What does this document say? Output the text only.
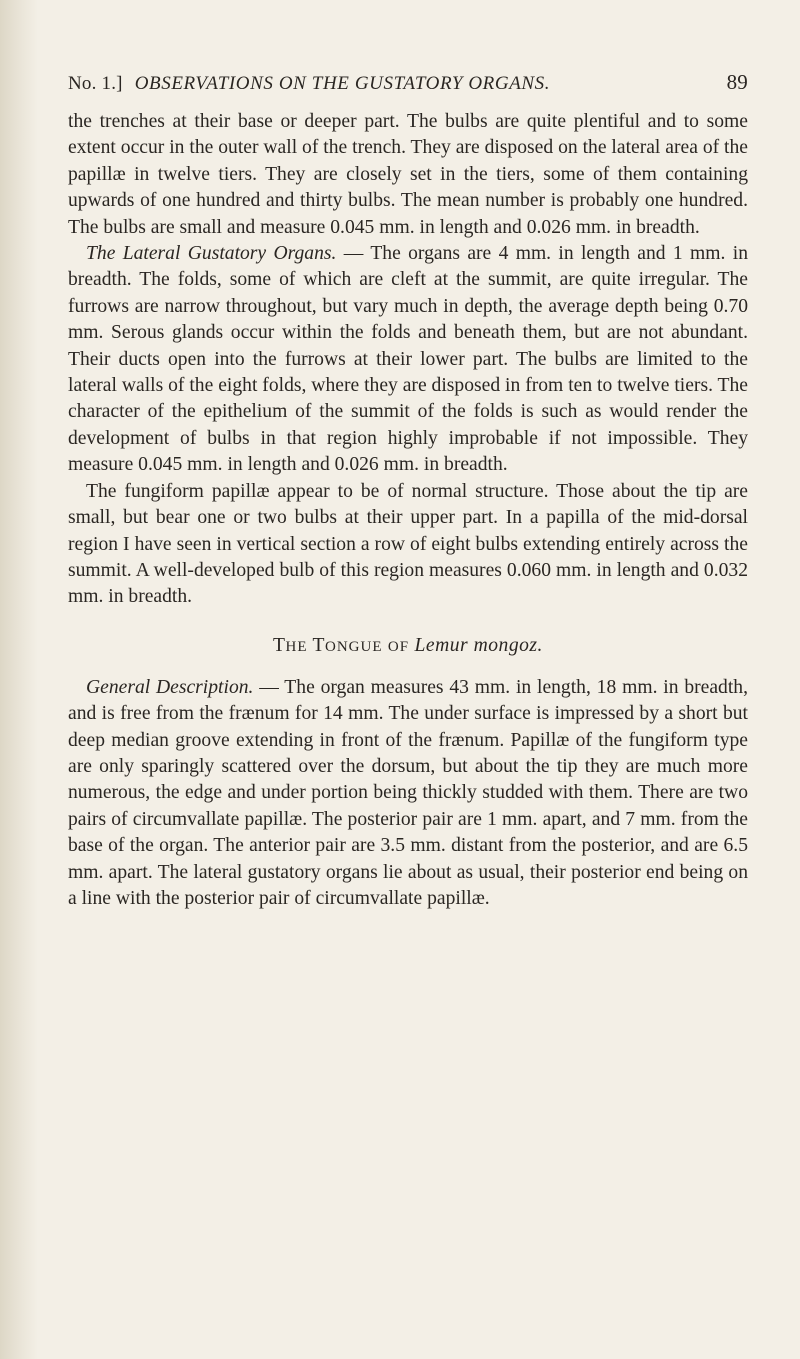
No. 1.] OBSERVATIONS ON THE GUSTATORY ORGANS.	89

the trenches at their base or deeper part. The bulbs are quite plentiful and to some extent occur in the outer wall of the trench. They are disposed on the lateral area of the papillæ in twelve tiers. They are closely set in the tiers, some of them containing upwards of one hundred and thirty bulbs. The mean number is probably one hundred. The bulbs are small and measure 0.045 mm. in length and 0.026 mm. in breadth.

The Lateral Gustatory Organs. — The organs are 4 mm. in length and 1 mm. in breadth. The folds, some of which are cleft at the summit, are quite irregular. The furrows are narrow throughout, but vary much in depth, the average depth being 0.70 mm. Serous glands occur within the folds and beneath them, but are not abundant. Their ducts open into the furrows at their lower part. The bulbs are limited to the lateral walls of the eight folds, where they are disposed in from ten to twelve tiers. The character of the epithelium of the summit of the folds is such as would render the development of bulbs in that region highly improbable if not impossible. They measure 0.045 mm. in length and 0.026 mm. in breadth.

The fungiform papillæ appear to be of normal structure. Those about the tip are small, but bear one or two bulbs at their upper part. In a papilla of the mid-dorsal region I have seen in vertical section a row of eight bulbs extending entirely across the summit. A well-developed bulb of this region measures 0.060 mm. in length and 0.032 mm. in breadth.

THE TONGUE OF Lemur mongoz.

General Description. — The organ measures 43 mm. in length, 18 mm. in breadth, and is free from the frænum for 14 mm. The under surface is impressed by a short but deep median groove extending in front of the frænum. Papillæ of the fungiform type are only sparingly scattered over the dorsum, but about the tip they are much more numerous, the edge and under portion being thickly studded with them. There are two pairs of circumvallate papillæ. The posterior pair are 1 mm. apart, and 7 mm. from the base of the organ. The anterior pair are 3.5 mm. distant from the posterior, and are 6.5 mm. apart. The lateral gustatory organs lie about as usual, their posterior end being on a line with the posterior pair of circumvallate papillæ.
